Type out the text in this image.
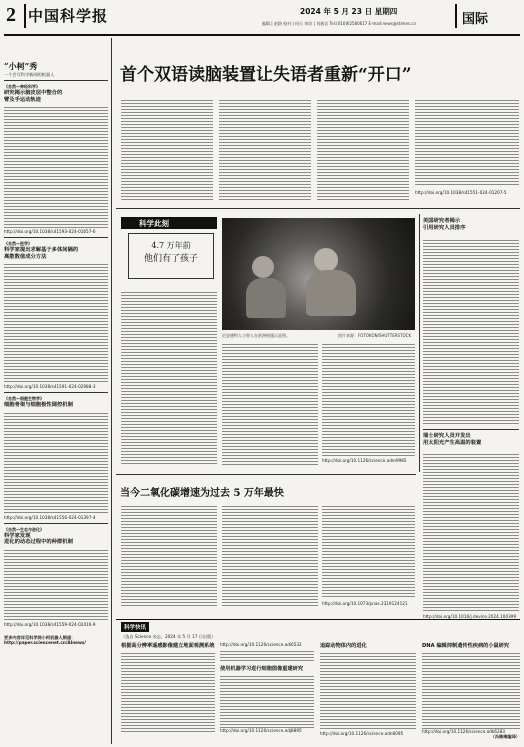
2 中国科学报	2024 年 5 月 23 日 星期四
编辑 | 赵路 校对 | 何天 审改 | 刘新岩 Tel:(010)62580617 E-mail:news@stimes.cn	国际
“小柯”秀
一个会写科学新闻的机器人
《自然—神经科学》
研究揭示脑皮层中整合的
臂及手运动轨迹
http://doi.org/10.1038/s41593-024-01657-6
《自然—医学》
科学家提出求解基于多体间隔的
离散数值成分方法
http://doi.org/10.1038/s41591-024-02988-3
《自然—细胞生物学》
细胞骨架与细胞极性调控机制
http://doi.org/10.1038/s41556-024-01397-4
《自然—生态与进化》
科学家发现
进化的动态过程中的种群机制
http://doi.org/10.1038/s41559-024-02416-9
更多内容详见科学网小柯机器人频道：
http://paper.sciencenet.cn/AInews/
首个双语读脑装置让失语者重新“开口”
http://doi.org/10.1038/s41551-024-01207-5
科学此刻
4.7 万年前
他们有了孩子
尼安德特人与智人在欧洲相遇示意图。	图片来源：FOTOKON/SHUTTERSTOCK
http://doi.org/10.1126/science.adm9985
美国研究者揭示
引用研究人员排序
瑞士研究人员开发出
用太阳光产生高温的装置
http://doi.org/10.1016/j.device.2024.100399
当今二氧化碳增速为过去 5 万年最快
http://doi.org/10.1073/pnas.2319124121
科学快讯
（选自 Science 杂志，2024 年 5 月 17 日出版）
根据高分辨率遥感影像建立地面观测系统 http://doi.org/10.1126/science.adi6532
使用机器学习进行细胞图像重建研究
http://doi.org/10.1126/science.adj8895
追踪动物体内的进化
http://doi.org/10.1126/science.adn6095
DNA 编辑抑制遗传性疾病的小鼠研究
http://doi.org/10.1126/science.adk6283
（冯维维编译）
